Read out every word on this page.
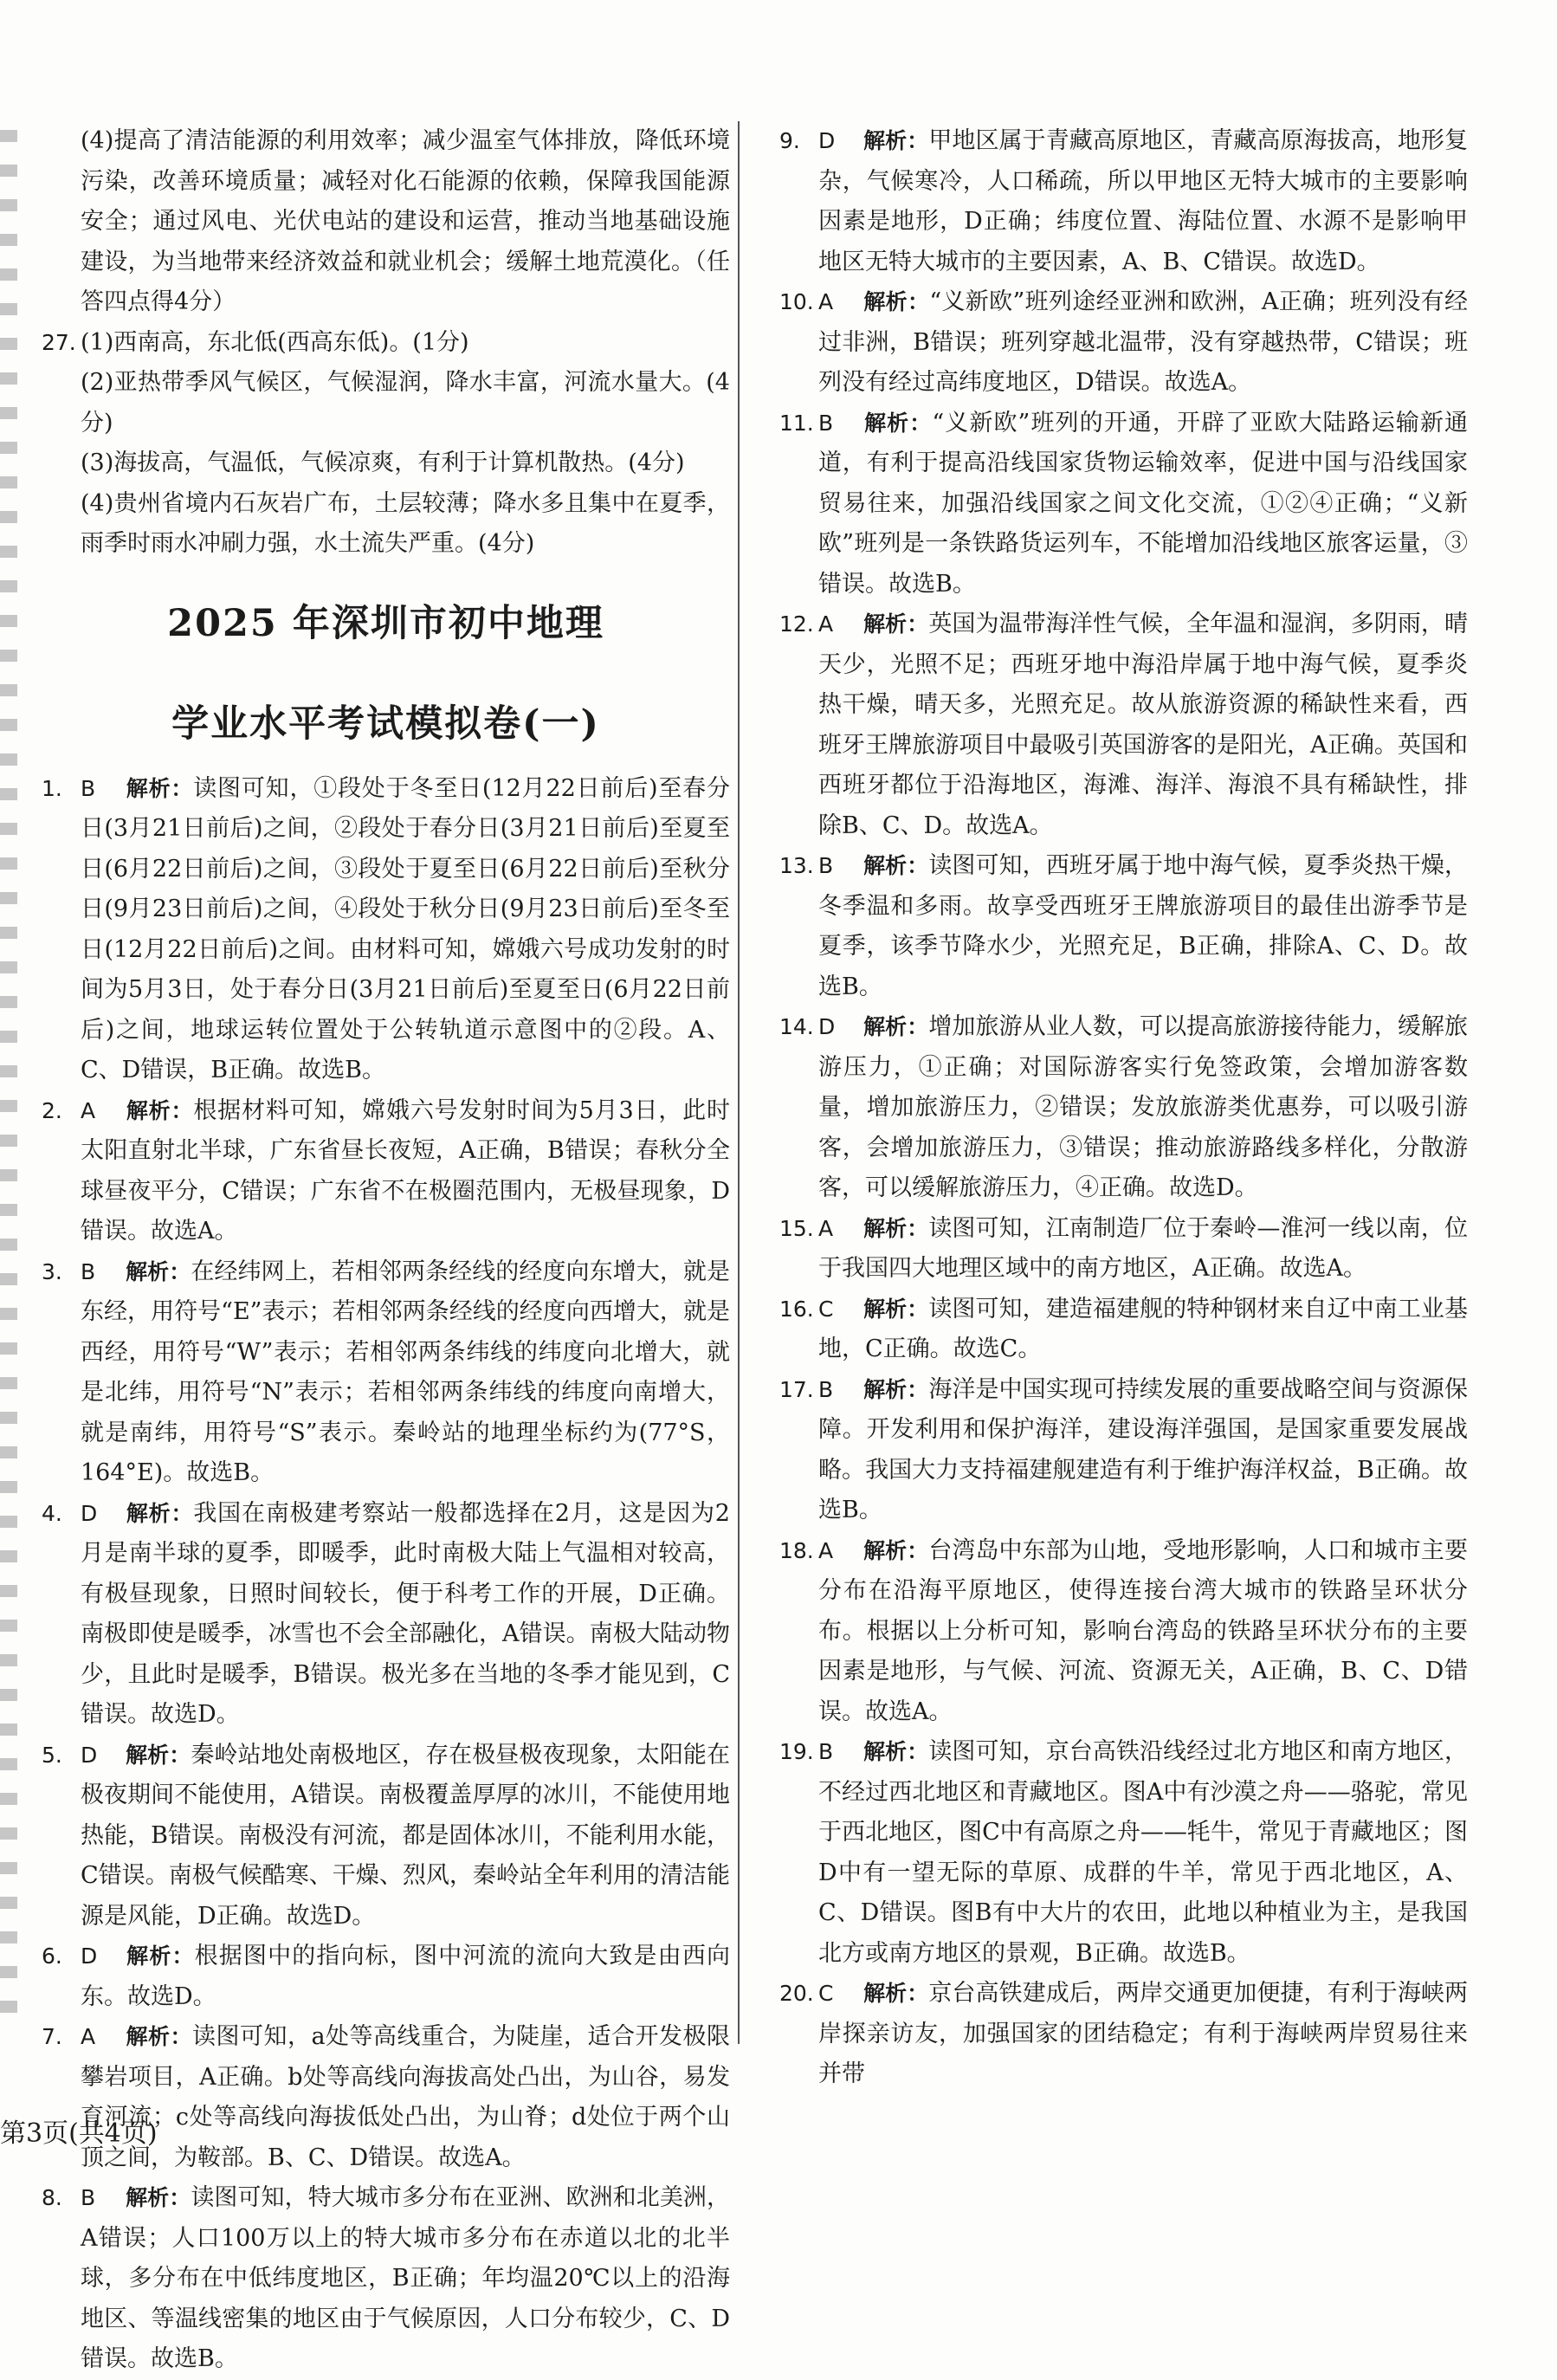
(4)提高了清洁能源的利用效率；减少温室气体排放，降低环境污染，改善环境质量；减轻对化石能源的依赖，保障我国能源安全；通过风电、光伏电站的建设和运营，推动当地基础设施建设，为当地带来经济效益和就业机会；缓解土地荒漠化。（任答四点得4分）

27. (1)西南高，东北低(西高东低)。(1分)

(2)亚热带季风气候区，气候湿润，降水丰富，河流水量大。(4分)

(3)海拔高，气温低，气候凉爽，有利于计算机散热。(4分)

(4)贵州省境内石灰岩广布，土层较薄；降水多且集中在夏季，雨季时雨水冲刷力强，水土流失严重。(4分)

2025 年深圳市初中地理
学业水平考试模拟卷(一)
1. B 解析：读图可知，①段处于冬至日(12月22日前后)至春分日(3月21日前后)之间，②段处于春分日(3月21日前后)至夏至日(6月22日前后)之间，③段处于夏至日(6月22日前后)至秋分日(9月23日前后)之间，④段处于秋分日(9月23日前后)至冬至日(12月22日前后)之间。由材料可知，嫦娥六号成功发射的时间为5月3日，处于春分日(3月21日前后)至夏至日(6月22日前后)之间，地球运转位置处于公转轨道示意图中的②段。A、C、D错误，B正确。故选B。
2. A 解析：根据材料可知，嫦娥六号发射时间为5月3日，此时太阳直射北半球，广东省昼长夜短，A正确，B错误；春秋分全球昼夜平分，C错误；广东省不在极圈范围内，无极昼现象，D错误。故选A。
3. B 解析：在经纬网上，若相邻两条经线的经度向东增大，就是东经，用符号“E”表示；若相邻两条经线的经度向西增大，就是西经，用符号“W”表示；若相邻两条纬线的纬度向北增大，就是北纬，用符号“N”表示；若相邻两条纬线的纬度向南增大，就是南纬，用符号“S”表示。秦岭站的地理坐标约为(77°S，164°E)。故选B。
4. D 解析：我国在南极建考察站一般都选择在2月，这是因为2月是南半球的夏季，即暖季，此时南极大陆上气温相对较高，有极昼现象，日照时间较长，便于科考工作的开展，D正确。南极即使是暖季，冰雪也不会全部融化，A错误。南极大陆动物少，且此时是暖季，B错误。极光多在当地的冬季才能见到，C错误。故选D。
5. D 解析：秦岭站地处南极地区，存在极昼极夜现象，太阳能在极夜期间不能使用，A错误。南极覆盖厚厚的冰川，不能使用地热能，B错误。南极没有河流，都是固体冰川，不能利用水能，C错误。南极气候酷寒、干燥、烈风，秦岭站全年利用的清洁能源是风能，D正确。故选D。
6. D 解析：根据图中的指向标，图中河流的流向大致是由西向东。故选D。
7. A 解析：读图可知，a处等高线重合，为陡崖，适合开发极限攀岩项目，A正确。b处等高线向海拔高处凸出，为山谷，易发育河流；c处等高线向海拔低处凸出，为山脊；d处位于两个山顶之间，为鞍部。B、C、D错误。故选A。
8. B 解析：读图可知，特大城市多分布在亚洲、欧洲和北美洲，A错误；人口100万以上的特大城市多分布在赤道以北的北半球，多分布在中低纬度地区，B正确；年均温20℃以上的沿海地区、等温线密集的地区由于气候原因，人口分布较少，C、D错误。故选B。
9. D 解析：甲地区属于青藏高原地区，青藏高原海拔高，地形复杂，气候寒冷，人口稀疏，所以甲地区无特大城市的主要影响因素是地形，D正确；纬度位置、海陆位置、水源不是影响甲地区无特大城市的主要因素，A、B、C错误。故选D。
10. A 解析：“义新欧”班列途经亚洲和欧洲，A正确；班列没有经过非洲，B错误；班列穿越北温带，没有穿越热带，C错误；班列没有经过高纬度地区，D错误。故选A。
11. B 解析：“义新欧”班列的开通，开辟了亚欧大陆路运输新通道，有利于提高沿线国家货物运输效率，促进中国与沿线国家贸易往来，加强沿线国家之间文化交流，①②④正确；“义新欧”班列是一条铁路货运列车，不能增加沿线地区旅客运量，③错误。故选B。
12. A 解析：英国为温带海洋性气候，全年温和湿润，多阴雨，晴天少，光照不足；西班牙地中海沿岸属于地中海气候，夏季炎热干燥，晴天多，光照充足。故从旅游资源的稀缺性来看，西班牙王牌旅游项目中最吸引英国游客的是阳光，A正确。英国和西班牙都位于沿海地区，海滩、海洋、海浪不具有稀缺性，排除B、C、D。故选A。
13. B 解析：读图可知，西班牙属于地中海气候，夏季炎热干燥，冬季温和多雨。故享受西班牙王牌旅游项目的最佳出游季节是夏季，该季节降水少，光照充足，B正确，排除A、C、D。故选B。
14. D 解析：增加旅游从业人数，可以提高旅游接待能力，缓解旅游压力，①正确；对国际游客实行免签政策，会增加游客数量，增加旅游压力，②错误；发放旅游类优惠券，可以吸引游客，会增加旅游压力，③错误；推动旅游路线多样化，分散游客，可以缓解旅游压力，④正确。故选D。
15. A 解析：读图可知，江南制造厂位于秦岭—淮河一线以南，位于我国四大地理区域中的南方地区，A正确。故选A。
16. C 解析：读图可知，建造福建舰的特种钢材来自辽中南工业基地，C正确。故选C。
17. B 解析：海洋是中国实现可持续发展的重要战略空间与资源保障。开发利用和保护海洋，建设海洋强国，是国家重要发展战略。我国大力支持福建舰建造有利于维护海洋权益，B正确。故选B。
18. A 解析：台湾岛中东部为山地，受地形影响，人口和城市主要分布在沿海平原地区，使得连接台湾大城市的铁路呈环状分布。根据以上分析可知，影响台湾岛的铁路呈环状分布的主要因素是地形，与气候、河流、资源无关，A正确，B、C、D错误。故选A。
19. B 解析：读图可知，京台高铁沿线经过北方地区和南方地区，不经过西北地区和青藏地区。图A中有沙漠之舟——骆驼，常见于西北地区，图C中有高原之舟——牦牛，常见于青藏地区；图D中有一望无际的草原、成群的牛羊，常见于西北地区，A、C、D错误。图B有中大片的农田，此地以种植业为主，是我国北方或南方地区的景观，B正确。故选B。
20. C 解析：京台高铁建成后，两岸交通更加便捷，有利于海峡两岸探亲访友，加强国家的团结稳定；有利于海峡两岸贸易往来并带
第3页(共4页)
